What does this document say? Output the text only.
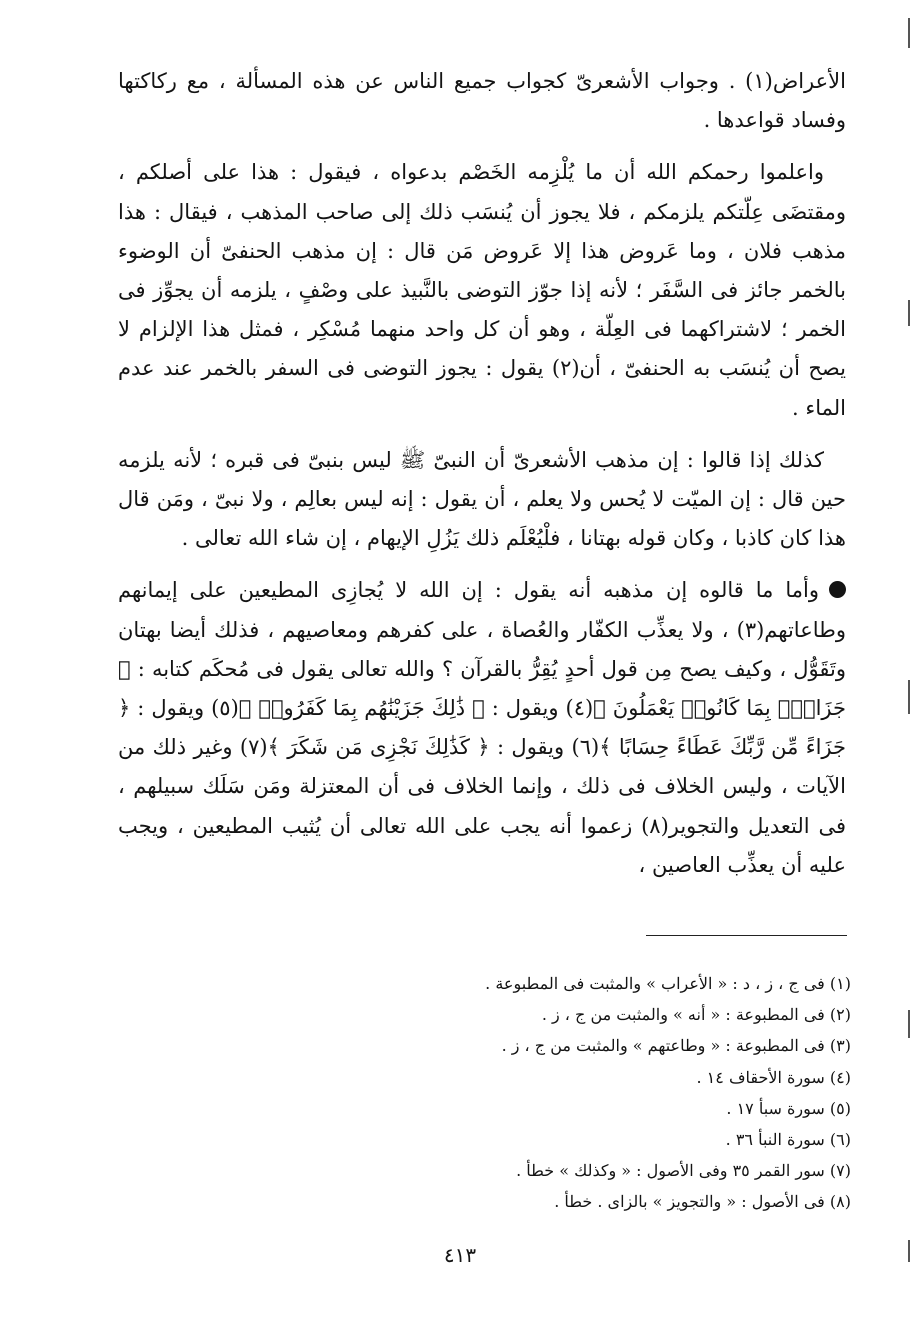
الأعراض(١) . وجواب الأشعرىّ كجواب جميع الناس عن هذه المسألة ، مع ركاكتها وفساد قواعدها .

واعلموا رحمكم الله أن ما يُلْزِمه الخَصْم بدعواه ، فيقول : هذا على أصلكم ، ومقتضَى عِلّتكم يلزمكم ، فلا يجوز أن يُنسَب ذلك إلى صاحب المذهب ، فيقال : هذا مذهب فلان ، وما عَروض هذا إلا عَروض مَن قال : إن مذهب الحنفىّ أن الوضوء بالخمر جائز فى السَّفَر ؛ لأنه إذا جوّز التوضى بالنَّبيذ على وصْفٍ ، يلزمه أن يجوِّز فى الخمر ؛ لاشتراكهما فى العِلّة ، وهو أن كل واحد منهما مُسْكِر ، فمثل هذا الإلزام لا يصح أن يُنسَب به الحنفىّ ، أن(٢) يقول : يجوز التوضى فى السفر بالخمر عند عدم الماء .

كذلك إذا قالوا : إن مذهب الأشعرىّ أن النبىّ ﷺ ليس بنبىّ فى قبره ؛ لأنه يلزمه حين قال : إن الميّت لا يُحس ولا يعلم ، أن يقول : إنه ليس بعالِم ، ولا نبىّ ، ومَن قال هذا كان كاذبا ، وكان قوله بهتانا ، فلْيُعْلَم ذلك يَزُلِ الإيهام ، إن شاء الله تعالى .

وأما ما قالوه إن مذهبه أنه يقول : إن الله لا يُجازِى المطيعين على إيمانهم وطاعاتهم(٣) ، ولا يعذِّب الكفّار والعُصاة ، على كفرهم ومعاصيهم ، فذلك أيضا بهتان وتَقَوُّل ، وكيف يصح مِن قول أحدٍ يُقِرُّ بالقرآن ؟ والله تعالى يقول فى مُحكَم كتابه : ﴿ جَزَاءًۢ بِمَا كَانُوا۟ يَعْمَلُونَ ﴾(٤) ويقول : ﴿ ذَٰلِكَ جَزَيْنَٰهُم بِمَا كَفَرُوا۟ ﴾(٥) ويقول : ﴿ جَزَاءً مِّن رَّبِّكَ عَطَاءً حِسَابًا ﴾(٦) ويقول : ﴿ كَذَٰلِكَ نَجْزِى مَن شَكَرَ ﴾(٧) وغير ذلك من الآيات ، وليس الخلاف فى ذلك ، وإنما الخلاف فى أن المعتزلة ومَن سَلَك سبيلهم ، فى التعديل والتجوير(٨) زعموا أنه يجب على الله تعالى أن يُثيب المطيعين ، ويجب عليه أن يعذِّب العاصين ،

(١) فى ج ، ز ، د : « الأعراب » والمثبت فى المطبوعة .
(٢) فى المطبوعة : « أنه » والمثبت من ج ، ز .
(٣) فى المطبوعة : « وطاعتهم » والمثبت من ج ، ز .
(٤) سورة الأحقاف ١٤ .
(٥) سورة سبأ ١٧ .
(٦) سورة النبأ ٣٦ .
(٧) سور القمر ٣٥ وفى الأصول : « وكذلك » خطأ .
(٨) فى الأصول : « والتجويز » بالزاى . خطأ .
٤١٣
